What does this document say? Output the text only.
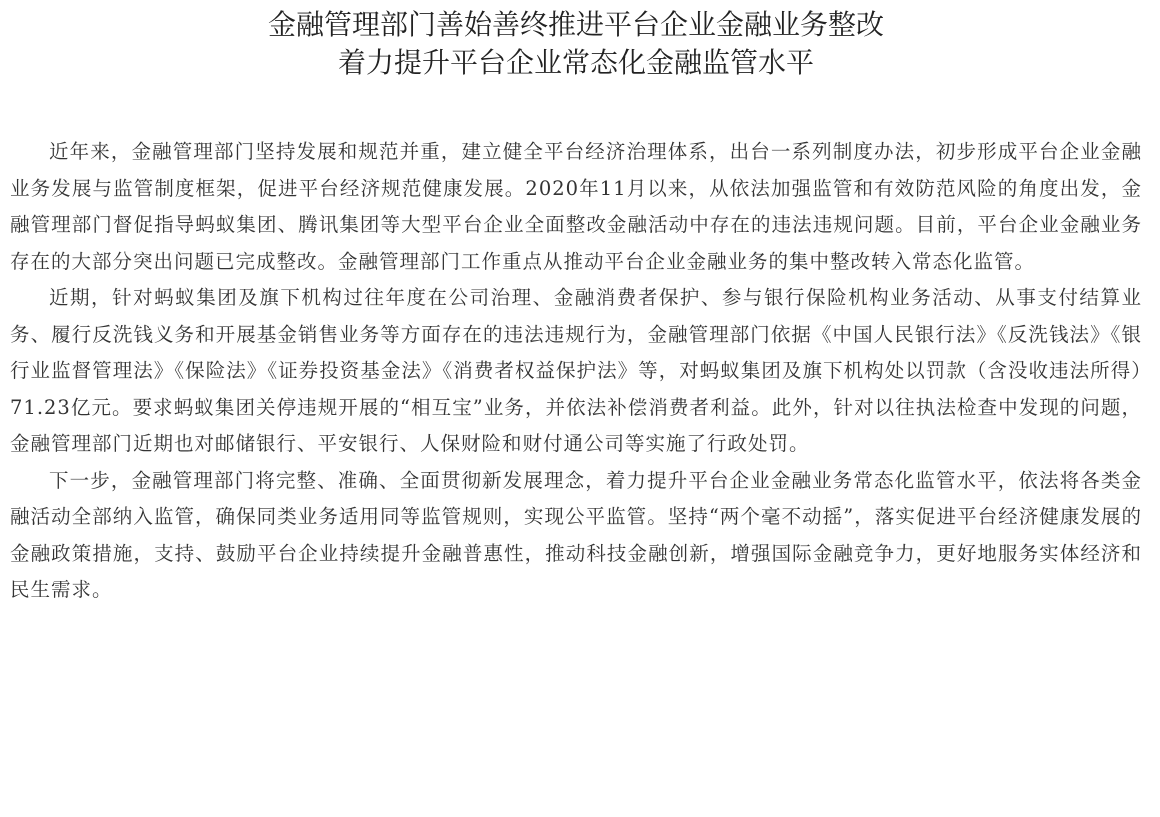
金融管理部门善始善终推进平台企业金融业务整改
着力提升平台企业常态化金融监管水平

近年来，金融管理部门坚持发展和规范并重，建立健全平台经济治理体系，出台一系列制度办法，初步形成平台企业金融业务发展与监管制度框架，促进平台经济规范健康发展。2020年11月以来，从依法加强监管和有效防范风险的角度出发，金融管理部门督促指导蚂蚁集团、腾讯集团等大型平台企业全面整改金融活动中存在的违法违规问题。目前，平台企业金融业务存在的大部分突出问题已完成整改。金融管理部门工作重点从推动平台企业金融业务的集中整改转入常态化监管。

近期，针对蚂蚁集团及旗下机构过往年度在公司治理、金融消费者保护、参与银行保险机构业务活动、从事支付结算业务、履行反洗钱义务和开展基金销售业务等方面存在的违法违规行为，金融管理部门依据《中国人民银行法》《反洗钱法》《银行业监督管理法》《保险法》《证券投资基金法》《消费者权益保护法》等，对蚂蚁集团及旗下机构处以罚款（含没收违法所得）71.23亿元。要求蚂蚁集团关停违规开展的“相互宝”业务，并依法补偿消费者利益。此外，针对以往执法检查中发现的问题，金融管理部门近期也对邮储银行、平安银行、人保财险和财付通公司等实施了行政处罚。

下一步，金融管理部门将完整、准确、全面贯彻新发展理念，着力提升平台企业金融业务常态化监管水平，依法将各类金融活动全部纳入监管，确保同类业务适用同等监管规则，实现公平监管。坚持“两个毫不动摇”，落实促进平台经济健康发展的金融政策措施，支持、鼓励平台企业持续提升金融普惠性，推动科技金融创新，增强国际金融竞争力，更好地服务实体经济和民生需求。
